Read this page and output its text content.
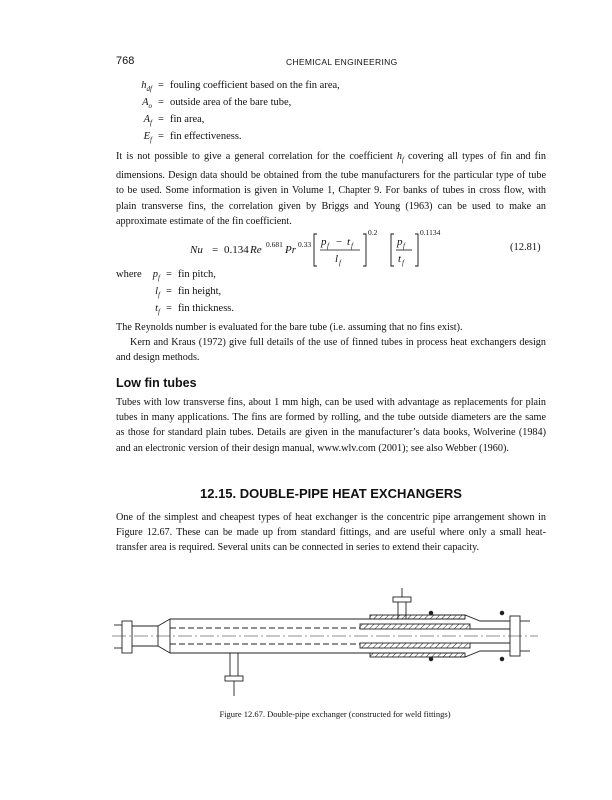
768	CHEMICAL ENGINEERING
$h_{df}$ = fouling coefficient based on the fin area,
$A_o$ = outside area of the bare tube,
$A_f$ = fin area,
$E_f$ = fin effectiveness.
It is not possible to give a general correlation for the coefficient $h_f$ covering all types of fin and fin dimensions. Design data should be obtained from the tube manufacturers for the particular type of tube to be used. Some information is given in Volume 1, Chapter 9. For banks of tubes in cross flow, with plain transverse fins, the correlation given by Briggs and Young (1963) can be used to make an approximate estimate of the fin coefficient.
Nu = 0.134 Re 0.681 Pr 0.33 p f − t f
l f
0.2
p f
t f
0.1134
(12.81)
where	$p_f$ = fin pitch,
$l_f$ = fin height,
$t_f$ = fin thickness.
The Reynolds number is evaluated for the bare tube (i.e. assuming that no fins exist).
Kern and Kraus (1972) give full details of the use of finned tubes in process heat exchangers design and design methods.
Low fin tubes
Tubes with low transverse fins, about 1 mm high, can be used with advantage as replacements for plain tubes in many applications. The fins are formed by rolling, and the tube outside diameters are the same as those for standard plain tubes. Details are given in the manufacturer’s data books, Wolverine (1984) and an electronic version of their design manual, www.wlv.com (2001); see also Webber (1960).
12.15. DOUBLE-PIPE HEAT EXCHANGERS
One of the simplest and cheapest types of heat exchanger is the concentric pipe arrangement shown in Figure 12.67. These can be made up from standard fittings, and are useful where only a small heat-transfer area is required. Several units can be connected in series to extend their capacity.
Figure 12.67. Double-pipe exchanger (constructed for weld fittings)
